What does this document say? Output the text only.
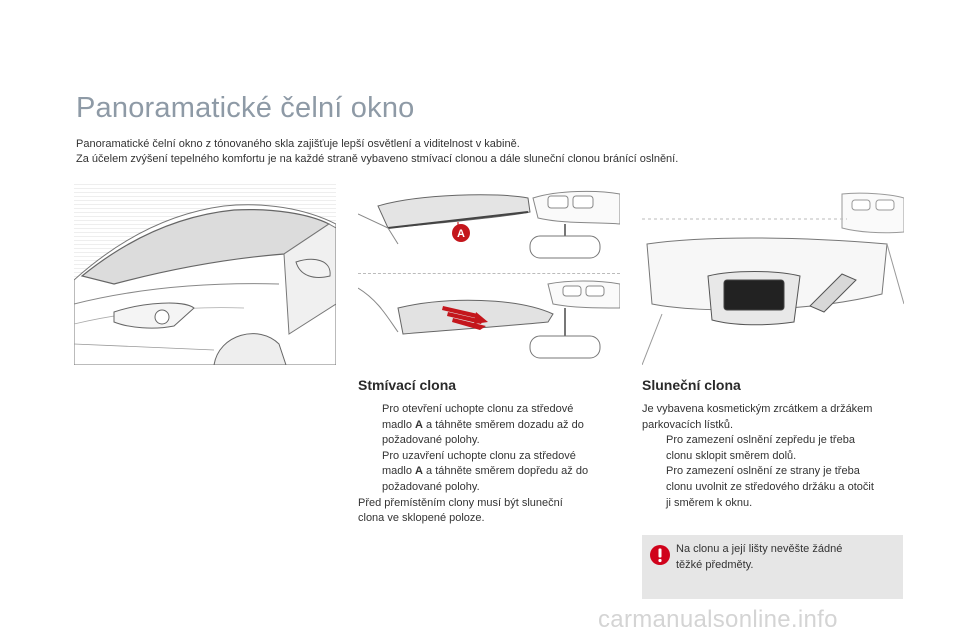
Panoramatické čelní okno
Panoramatické čelní okno z tónovaného skla zajišťuje lepší osvětlení a viditelnost v kabině.
Za účelem zvýšení tepelného komfortu je na každé straně vybaveno stmívací clonou a dále sluneční clonou bránící oslnění.
A
Stmívací clona
Pro otevření uchopte clonu za středové
madlo A a táhněte směrem dozadu až do
požadované polohy.
Pro uzavření uchopte clonu za středové
madlo A a táhněte směrem dopředu až do
požadované polohy.
Před přemístěním clony musí být sluneční
clona ve sklopené poloze.
Sluneční clona
Je vybavena kosmetickým zrcátkem a držákem
parkovacích lístků.
Pro zamezení oslnění zepředu je třeba
clonu sklopit směrem dolů.
Pro zamezení oslnění ze strany je třeba
clonu uvolnit ze středového držáku a otočit
ji směrem k oknu.
Na clonu a její lišty nevěšte žádné
těžké předměty.
carmanualsonline.info
